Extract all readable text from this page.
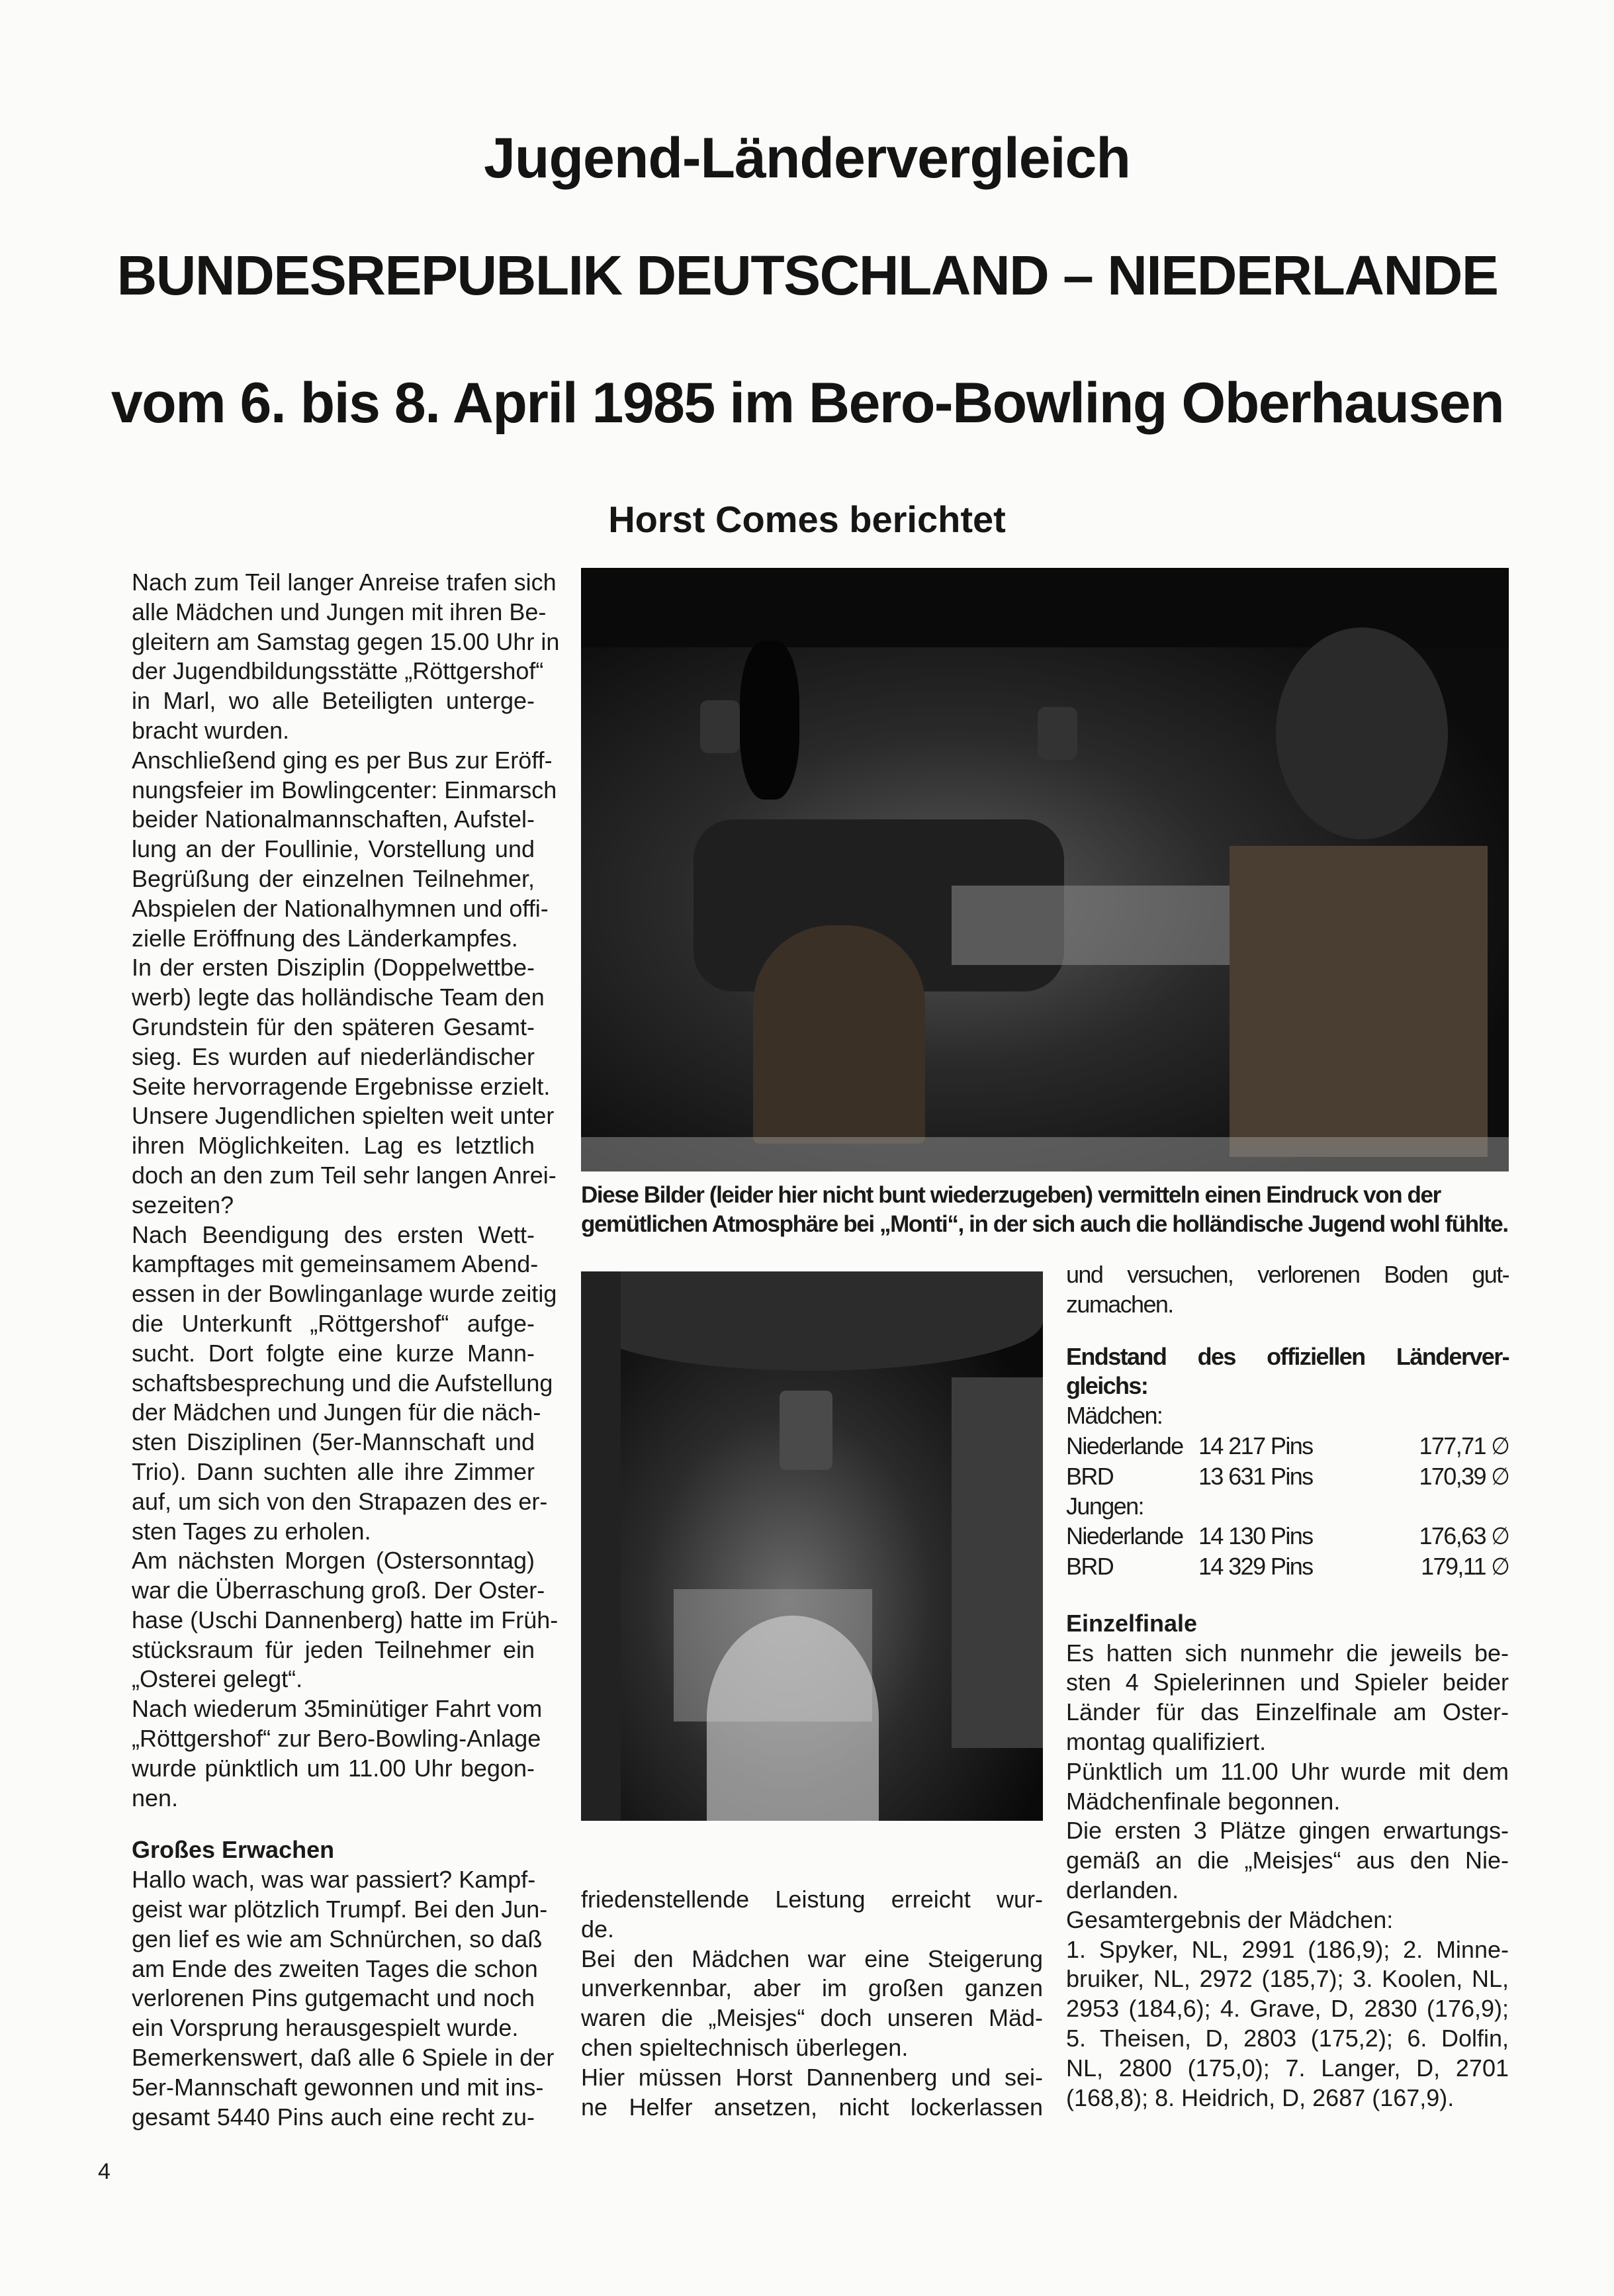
Jugend-Ländervergleich
BUNDESREPUBLIK DEUTSCHLAND – NIEDERLANDE
vom 6. bis 8. April 1985 im Bero-Bowling Oberhausen
Horst Comes berichtet
Nach zum Teil langer Anreise trafen sich
alle Mädchen und Jungen mit ihren Be-
gleitern am Samstag gegen 15.00 Uhr in
der Jugendbildungsstätte „Röttgershof“
in Marl, wo alle Beteiligten unterge-
bracht wurden.
Anschließend ging es per Bus zur Eröff-
nungsfeier im Bowlingcenter: Einmarsch
beider Nationalmannschaften, Aufstel-
lung an der Foullinie, Vorstellung und
Begrüßung der einzelnen Teilnehmer,
Abspielen der Nationalhymnen und offi-
zielle Eröffnung des Länderkampfes.
In der ersten Disziplin (Doppelwettbe-
werb) legte das holländische Team den
Grundstein für den späteren Gesamt-
sieg. Es wurden auf niederländischer
Seite hervorragende Ergebnisse erzielt.
Unsere Jugendlichen spielten weit unter
ihren Möglichkeiten. Lag es letztlich
doch an den zum Teil sehr langen Anrei-
sezeiten?
Nach Beendigung des ersten Wett-
kampftages mit gemeinsamem Abend-
essen in der Bowlinganlage wurde zeitig
die Unterkunft „Röttgershof“ aufge-
sucht. Dort folgte eine kurze Mann-
schaftsbesprechung und die Aufstellung
der Mädchen und Jungen für die näch-
sten Disziplinen (5er-Mannschaft und
Trio). Dann suchten alle ihre Zimmer
auf, um sich von den Strapazen des er-
sten Tages zu erholen.
Am nächsten Morgen (Ostersonntag)
war die Überraschung groß. Der Oster-
hase (Uschi Dannenberg) hatte im Früh-
stücksraum für jeden Teilnehmer ein
„Osterei gelegt“.
Nach wiederum 35minütiger Fahrt vom
„Röttgershof“ zur Bero-Bowling-Anlage
wurde pünktlich um 11.00 Uhr begon-
nen.
Großes Erwachen
Hallo wach, was war passiert? Kampf-
geist war plötzlich Trumpf. Bei den Jun-
gen lief es wie am Schnürchen, so daß
am Ende des zweiten Tages die schon
verlorenen Pins gutgemacht und noch
ein Vorsprung herausgespielt wurde.
Bemerkenswert, daß alle 6 Spiele in der
5er-Mannschaft gewonnen und mit ins-
gesamt 5440 Pins auch eine recht zu-
Diese Bilder (leider hier nicht bunt wiederzugeben) vermitteln einen Eindruck von der gemütlichen Atmosphäre bei „Monti“, in der sich auch die holländische Jugend wohl fühlte.
friedenstellende Leistung erreicht wur-
de.
Bei den Mädchen war eine Steigerung
unverkennbar, aber im großen ganzen
waren die „Meisjes“ doch unseren Mäd-
chen spieltechnisch überlegen.
Hier müssen Horst Dannenberg und sei-
ne Helfer ansetzen, nicht lockerlassen
und versuchen, verlorenen Boden gut-
zumachen.
Endstand des offiziellen Länderver-
gleichs:
Mädchen:
Niederlande	14 217 Pins	177,71 ∅
BRD	13 631 Pins	170,39 ∅
Jungen:
Niederlande	14 130 Pins	176,63 ∅
BRD	14 329 Pins	179,11 ∅
Einzelfinale
Es hatten sich nunmehr die jeweils be-
sten 4 Spielerinnen und Spieler beider
Länder für das Einzelfinale am Oster-
montag qualifiziert.
Pünktlich um 11.00 Uhr wurde mit dem
Mädchenfinale begonnen.
Die ersten 3 Plätze gingen erwartungs-
gemäß an die „Meisjes“ aus den Nie-
derlanden.
Gesamtergebnis der Mädchen:
1. Spyker, NL, 2991 (186,9); 2. Minne-
bruiker, NL, 2972 (185,7); 3. Koolen, NL,
2953 (184,6); 4. Grave, D, 2830 (176,9);
5. Theisen, D, 2803 (175,2); 6. Dolfin,
NL, 2800 (175,0); 7. Langer, D, 2701
(168,8); 8. Heidrich, D, 2687 (167,9).
4
